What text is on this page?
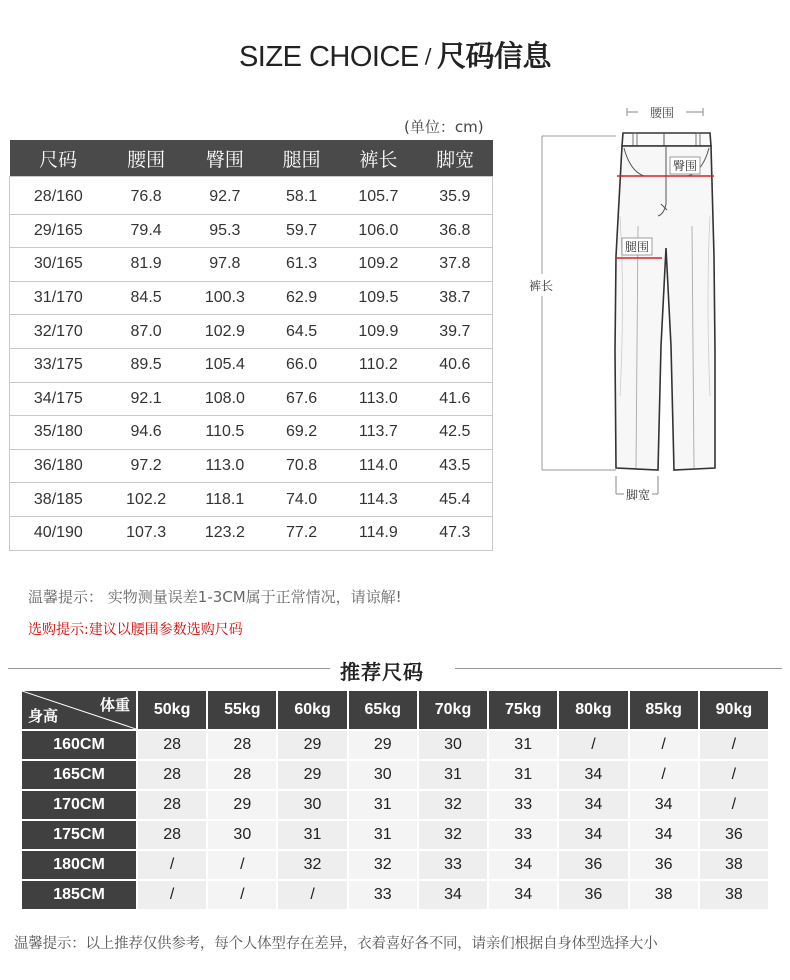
SIZE CHOICE / 尺码信息
(单位：cm)
尺码	腰围	臀围	腿围	裤长	脚宽
28/160	76.8	92.7	58.1	105.7	35.9
29/165	79.4	95.3	59.7	106.0	36.8
30/165	81.9	97.8	61.3	109.2	37.8
31/170	84.5	100.3	62.9	109.5	38.7
32/170	87.0	102.9	64.5	109.9	39.7
33/175	89.5	105.4	66.0	110.2	40.6
34/175	92.1	108.0	67.6	113.0	41.6
35/180	94.6	110.5	69.2	113.7	42.5
36/180	97.2	113.0	70.8	114.0	43.5
38/185	102.2	118.1	74.0	114.3	45.4
40/190	107.3	123.2	77.2	114.9	47.3
腰围
裤长
臀围
腿围
脚宽
温馨提示： 实物测量误差1-3CM属于正常情况，请谅解!
选购提示:建议以腰围参数选购尺码
推荐尺码
体重
身高	50kg	55kg	60kg	65kg	70kg	75kg	80kg	85kg	90kg
160CM	28	28	29	29	30	31	/	/	/
165CM	28	28	29	30	31	31	34	/	/
170CM	28	29	30	31	32	33	34	34	/
175CM	28	30	31	31	32	33	34	34	36
180CM	/	/	32	32	33	34	36	36	38
185CM	/	/	/	33	34	34	36	38	38
温馨提示：以上推荐仅供参考，每个人体型存在差异，衣着喜好各不同，请亲们根据自身体型选择大小
